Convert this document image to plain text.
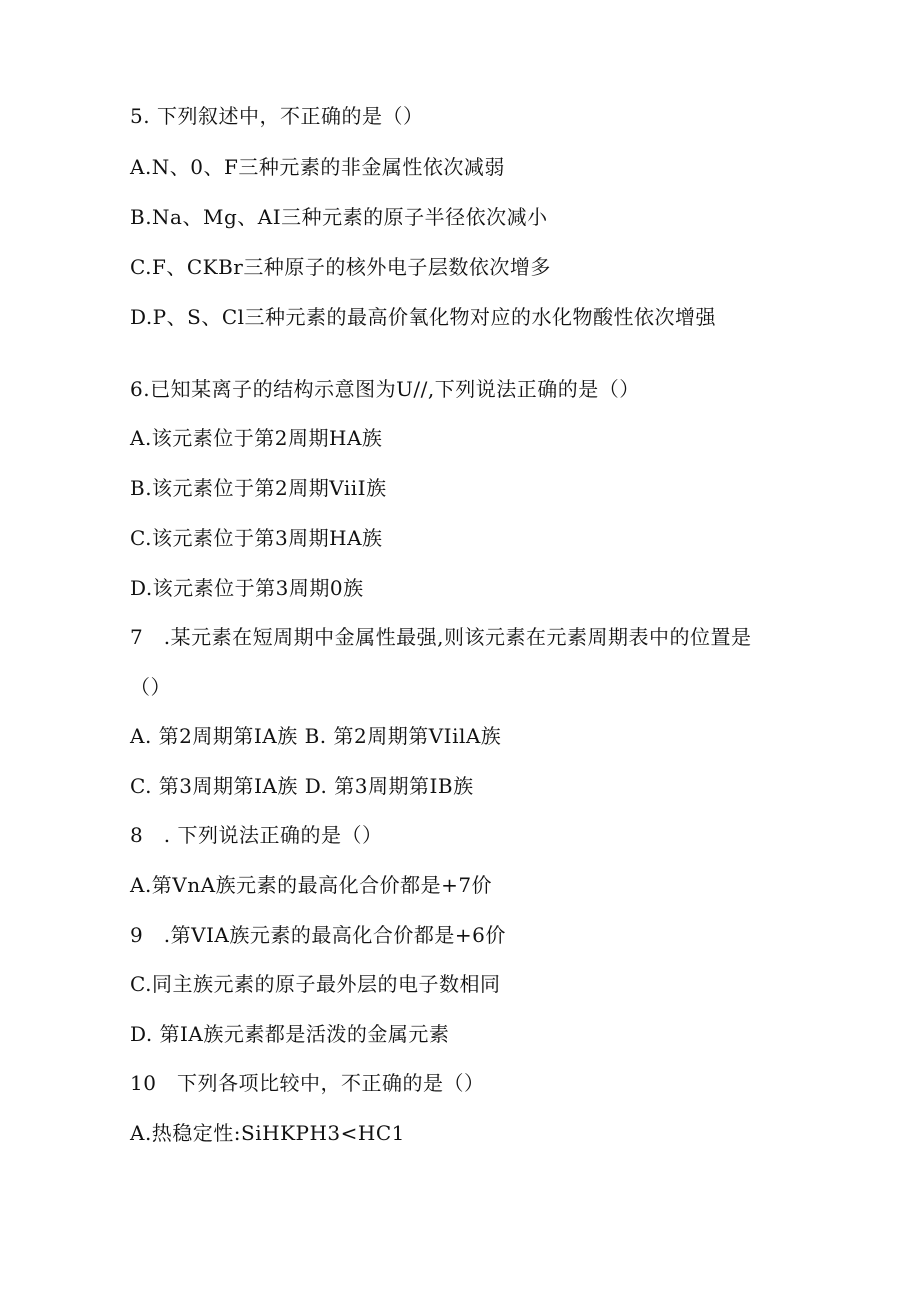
5. 下列叙述中，不正确的是（）
A.N、0、F三种元素的非金属性依次减弱
B.Na、Mg、AI三种元素的原子半径依次减小
C.F、CKBr三种原子的核外电子层数依次增多
D.P、S、Cl三种元素的最高价氧化物对应的水化物酸性依次增强
6.已知某离子的结构示意图为U//,下列说法正确的是（）
A.该元素位于第2周期HA族
B.该元素位于第2周期ViiI族
C.该元素位于第3周期HA族
D.该元素位于第3周期0族
7　.某元素在短周期中金属性最强,则该元素在元素周期表中的位置是
（）
A. 第2周期第IA族 B. 第2周期第VIilA族
C. 第3周期第IA族 D. 第3周期第IB族
8　. 下列说法正确的是（）
A.第VnA族元素的最高化合价都是+7价
9　.第VIA族元素的最高化合价都是+6价
C.同主族元素的原子最外层的电子数相同
D. 第IA族元素都是活泼的金属元素
10　下列各项比较中，不正确的是（）
A.热稳定性:SiHKPH3<HC1
